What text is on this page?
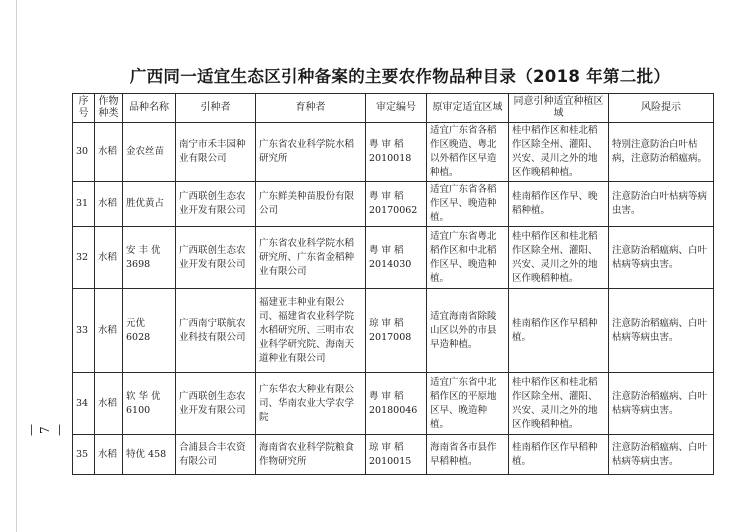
广西同一适宜生态区引种备案的主要农作物品种目录（2018 年第二批）
序号	作物种类	品种名称	引种者	育种者	审定编号	原审定适宜区域	同意引种适宜种植区域	风险提示
30	水稻	金农丝苗	南宁市禾丰园种业有限公司	广东省农业科学院水稻研究所	粤 审 稻 2010018	适宜广东省各稻作区晚造、粤北以外稻作区早造种植。	桂中稻作区和桂北稻作区除全州、灌阳、兴安、灵川之外的地区作晚稻种植。	特别注意防治白叶枯病，注意防治稻瘟病。
31	水稻	胜优黄占	广西联创生态农业开发有限公司	广东鲜美种苗股份有限公司	粤 审 稻 20170062	适宜广东省各稻作区早、晚造种植。	桂南稻作区作早、晚稻种植。	注意防治白叶枯病等病虫害。
32	水稻	安 丰 优 3698	广西联创生态农业开发有限公司	广东省农业科学院水稻研究所、广东省金稻种业有限公司	粤 审 稻 2014030	适宜广东省粤北稻作区和中北稻作区早、晚造种植。	桂中稻作区和桂北稻作区除全州、灌阳、兴安、灵川之外的地区作晚稻种植。	注意防治稻瘟病、白叶枯病等病虫害。
33	水稻	元优 6028	广西南宁联航农业科技有限公司	福建亚丰种业有限公司、福建省农业科学院水稻研究所、三明市农业科学研究院、海南天道种业有限公司	琼 审 稻 2017008	适宜海南省除陵山区以外的市县早造种植。	桂南稻作区作早稻种植。	注意防治稻瘟病、白叶枯病等病虫害。
34	水稻	软 华 优 6100	广西联创生态农业开发有限公司	广东华农大种业有限公司、华南农业大学农学院	粤 审 稻 20180046	适宜广东省中北稻作区的平原地区早、晚造种植。	桂中稻作区和桂北稻作区除全州、灌阳、兴安、灵川之外的地区作晚稻种植。	注意防治稻瘟病、白叶枯病等病虫害。
35	水稻	特优 458	合浦县合丰农资有限公司	海南省农业科学院粮食作物研究所	琼 审 稻 2010015	海南省各市县作早稻种植。	桂南稻作区作早稻种植。	注意防治稻瘟病、白叶枯病等病虫害。
— 7 —
